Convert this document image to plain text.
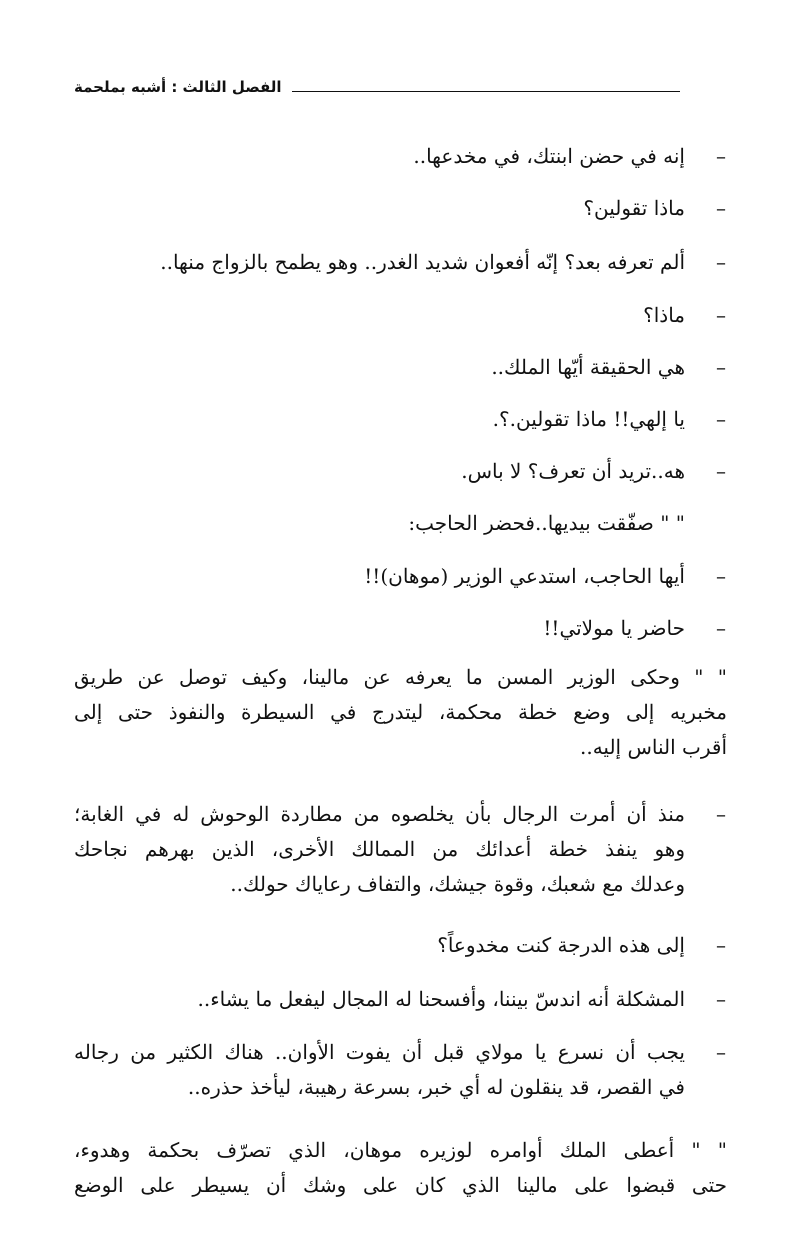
الفصل الثالث : أشبه بملحمة
–
إنه في حضن ابنتك، في مخدعها..
–
ماذا تقولين؟
–
ألم تعرفه بعد؟ إنّه أفعوان شديد الغدر.. وهو يطمح بالزواج منها..
–
ماذا؟
–
هي الحقيقة أيّها الملك..
–
يا إلهي!! ماذا تقولين.؟.
–
هه..تريد أن تعرف؟ لا باس.
" " صفّقت بيديها..فحضر الحاجب:
–
أيها الحاجب، استدعي الوزير (موهان)!!
–
حاضر يا مولاتي!!
" " وحكى الوزير المسن ما يعرفه عن مالينا، وكيف توصل عن طريق
مخبريه إلى وضع خطة محكمة، ليتدرج في السيطرة والنفوذ حتى إلى
أقرب الناس إليه..
–
منذ أن أمرت الرجال بأن يخلصوه من مطاردة الوحوش له في الغابة؛
وهو ينفذ خطة أعدائك من الممالك الأخرى، الذين بهرهم نجاحك
وعدلك مع شعبك، وقوة جيشك، والتفاف رعاياك حولك..
–
إلى هذه الدرجة كنت مخدوعاً؟
–
المشكلة أنه اندسّ بيننا، وأفسحنا له المجال ليفعل ما يشاء..
–
يجب أن نسرع يا مولاي قبل أن يفوت الأوان.. هناك الكثير من رجاله
في القصر، قد ينقلون له أي خبر، بسرعة رهيبة، ليأخذ حذره..
" " أعطى الملك أوامره لوزيره موهان، الذي تصرّف بحكمة وهدوء،
حتى قبضوا على مالينا الذي كان على وشك أن يسيطر على الوضع
